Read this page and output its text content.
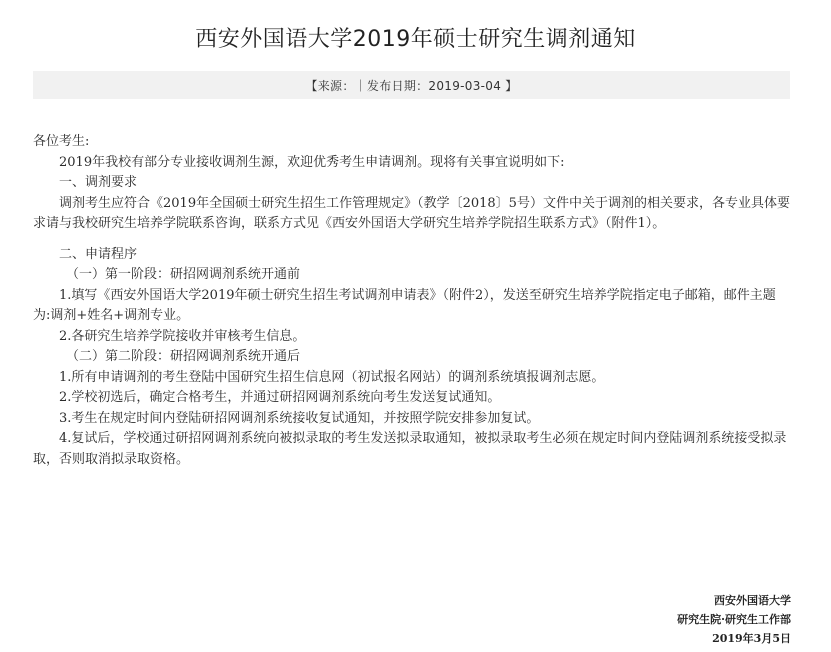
西安外国语大学2019年硕士研究生调剂通知
【来源：｜发布日期：2019-03-04 】
各位考生:
2019年我校有部分专业接收调剂生源，欢迎优秀考生申请调剂。现将有关事宜说明如下:
一、调剂要求
调剂考生应符合《2019年全国硕士研究生招生工作管理规定》（教学〔2018〕5号）文件中关于调剂的相关要求，各专业具体要求请与我校研究生培养学院联系咨询，联系方式见《西安外国语大学研究生培养学院招生联系方式》（附件1）。
二、申请程序
（一）第一阶段：研招网调剂系统开通前
1.填写《西安外国语大学2019年硕士研究生招生考试调剂申请表》（附件2），发送至研究生培养学院指定电子邮箱，邮件主题为:调剂+姓名+调剂专业。
2.各研究生培养学院接收并审核考生信息。
（二）第二阶段：研招网调剂系统开通后
1.所有申请调剂的考生登陆中国研究生招生信息网（初试报名网站）的调剂系统填报调剂志愿。
2.学校初选后，确定合格考生，并通过研招网调剂系统向考生发送复试通知。
3.考生在规定时间内登陆研招网调剂系统接收复试通知，并按照学院安排参加复试。
4.复试后，学校通过研招网调剂系统向被拟录取的考生发送拟录取通知，被拟录取考生必须在规定时间内登陆调剂系统接受拟录取，否则取消拟录取资格。
西安外国语大学
研究生院·研究生工作部
2019年3月5日
